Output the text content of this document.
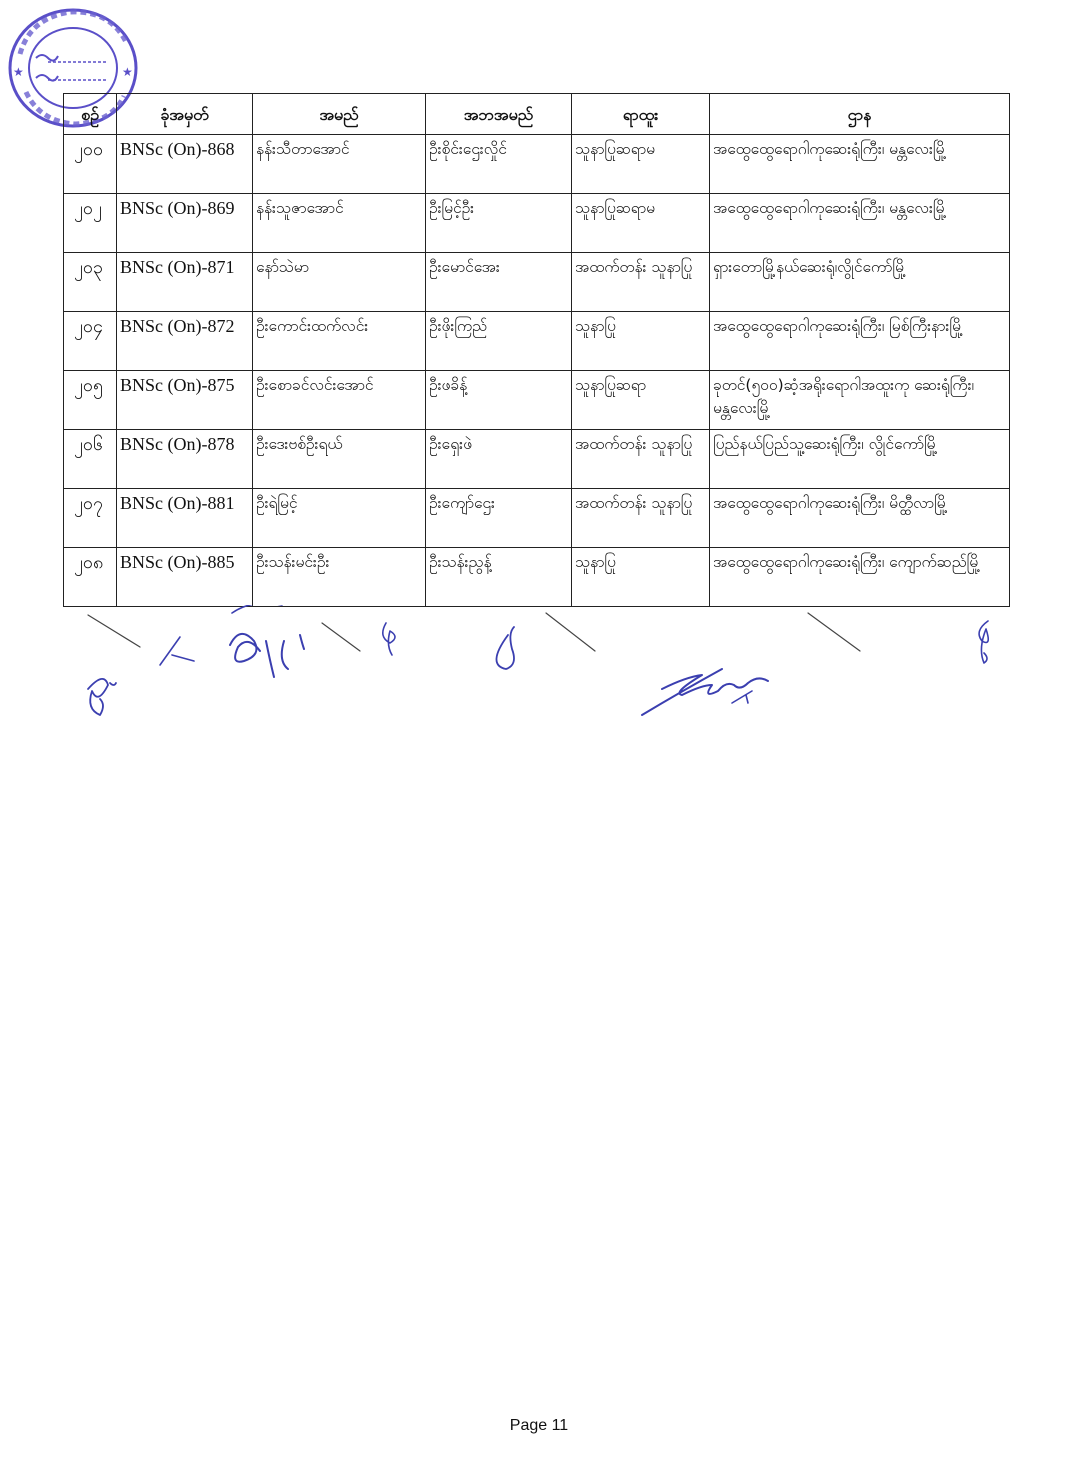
★	★
စဉ်	ခုံအမှတ်	အမည်	အဘအမည်	ရာထူး	ဌာန
၂၀၀	BNSc (On)-868	နန်းသီတာအောင်	ဦးစိုင်းဌေးလှိုင်	သူနာပြုဆရာမ	အထွေထွေရောဂါကုဆေးရုံကြီး၊ မန္တလေးမြို့
၂၀၂	BNSc (On)-869	နန်းသူဇာအောင်	ဦးမြင့်ဦး	သူနာပြုဆရာမ	အထွေထွေရောဂါကုဆေးရုံကြီး၊ မန္တလေးမြို့
၂၀၃	BNSc (On)-871	နော်သဲမာ	ဦးမောင်အေး	အထက်တန်း သူနာပြု	ရှားတောမြို့နယ်ဆေးရုံ၊လွိုင်ကော်မြို့
၂၀၄	BNSc (On)-872	ဦးကောင်းထက်လင်း	ဦးဖိုးကြည်	သူနာပြု	အထွေထွေရောဂါကုဆေးရုံကြီး၊ မြစ်ကြီးနားမြို့
၂၀၅	BNSc (On)-875	ဦးစောခင်လင်းအောင်	ဦးဖခိန့်	သူနာပြုဆရာ	ခုတင်(၅၀၀)ဆံ့အရိုးရောဂါအထူးကု ဆေးရုံကြီး၊ မန္တလေးမြို့
၂၀၆	BNSc (On)-878	ဦးဒေးဗစ်ဦးရယ်	ဦးရှေးဖဲ	အထက်တန်း သူနာပြု	ပြည်နယ်ပြည်သူ့ဆေးရုံကြီး၊ လွိုင်ကော်မြို့
၂၀၇	BNSc (On)-881	ဦးရဲမြင့်	ဦးကျော်ဌေး	အထက်တန်း သူနာပြု	အထွေထွေရောဂါကုဆေးရုံကြီး၊ မိတ္ထီလာမြို့
၂၀၈	BNSc (On)-885	ဦးသန်းမင်းဦး	ဦးသန်းညွန့်	သူနာပြု	အထွေထွေရောဂါကုဆေးရုံကြီး၊ ကျောက်ဆည်မြို့
Page 11
